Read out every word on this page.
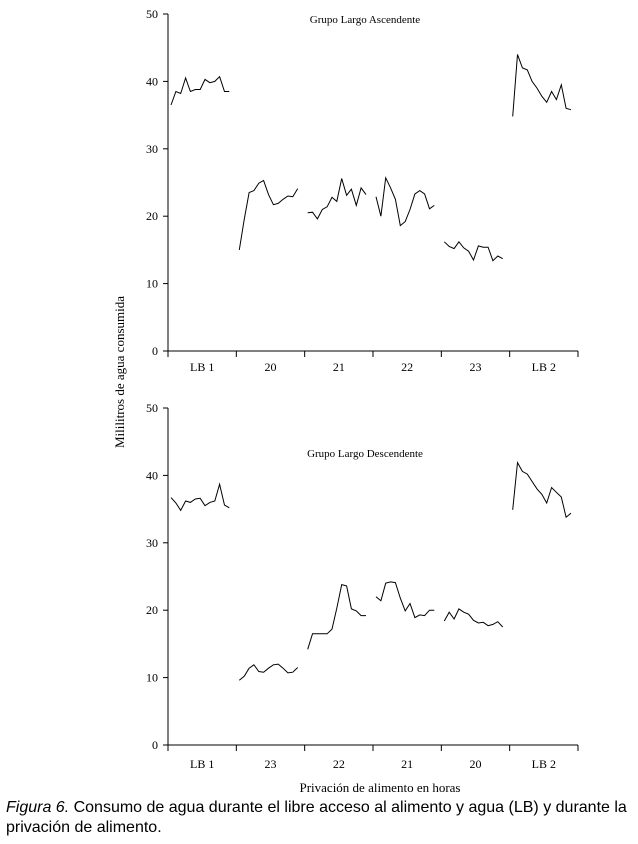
0
10
20
30
40
50
LB 1	20	21	22	23	LB 2
Grupo Largo Ascendente
0
10
20
30
40
50
LB 1	23	22	21	20	LB 2
Grupo Largo Descendente
Mililitros de agua consumida
Privación de alimento en horas
Figura 6. Consumo de agua durante el libre acceso al alimento y agua (LB) y durante la privación de alimento.
